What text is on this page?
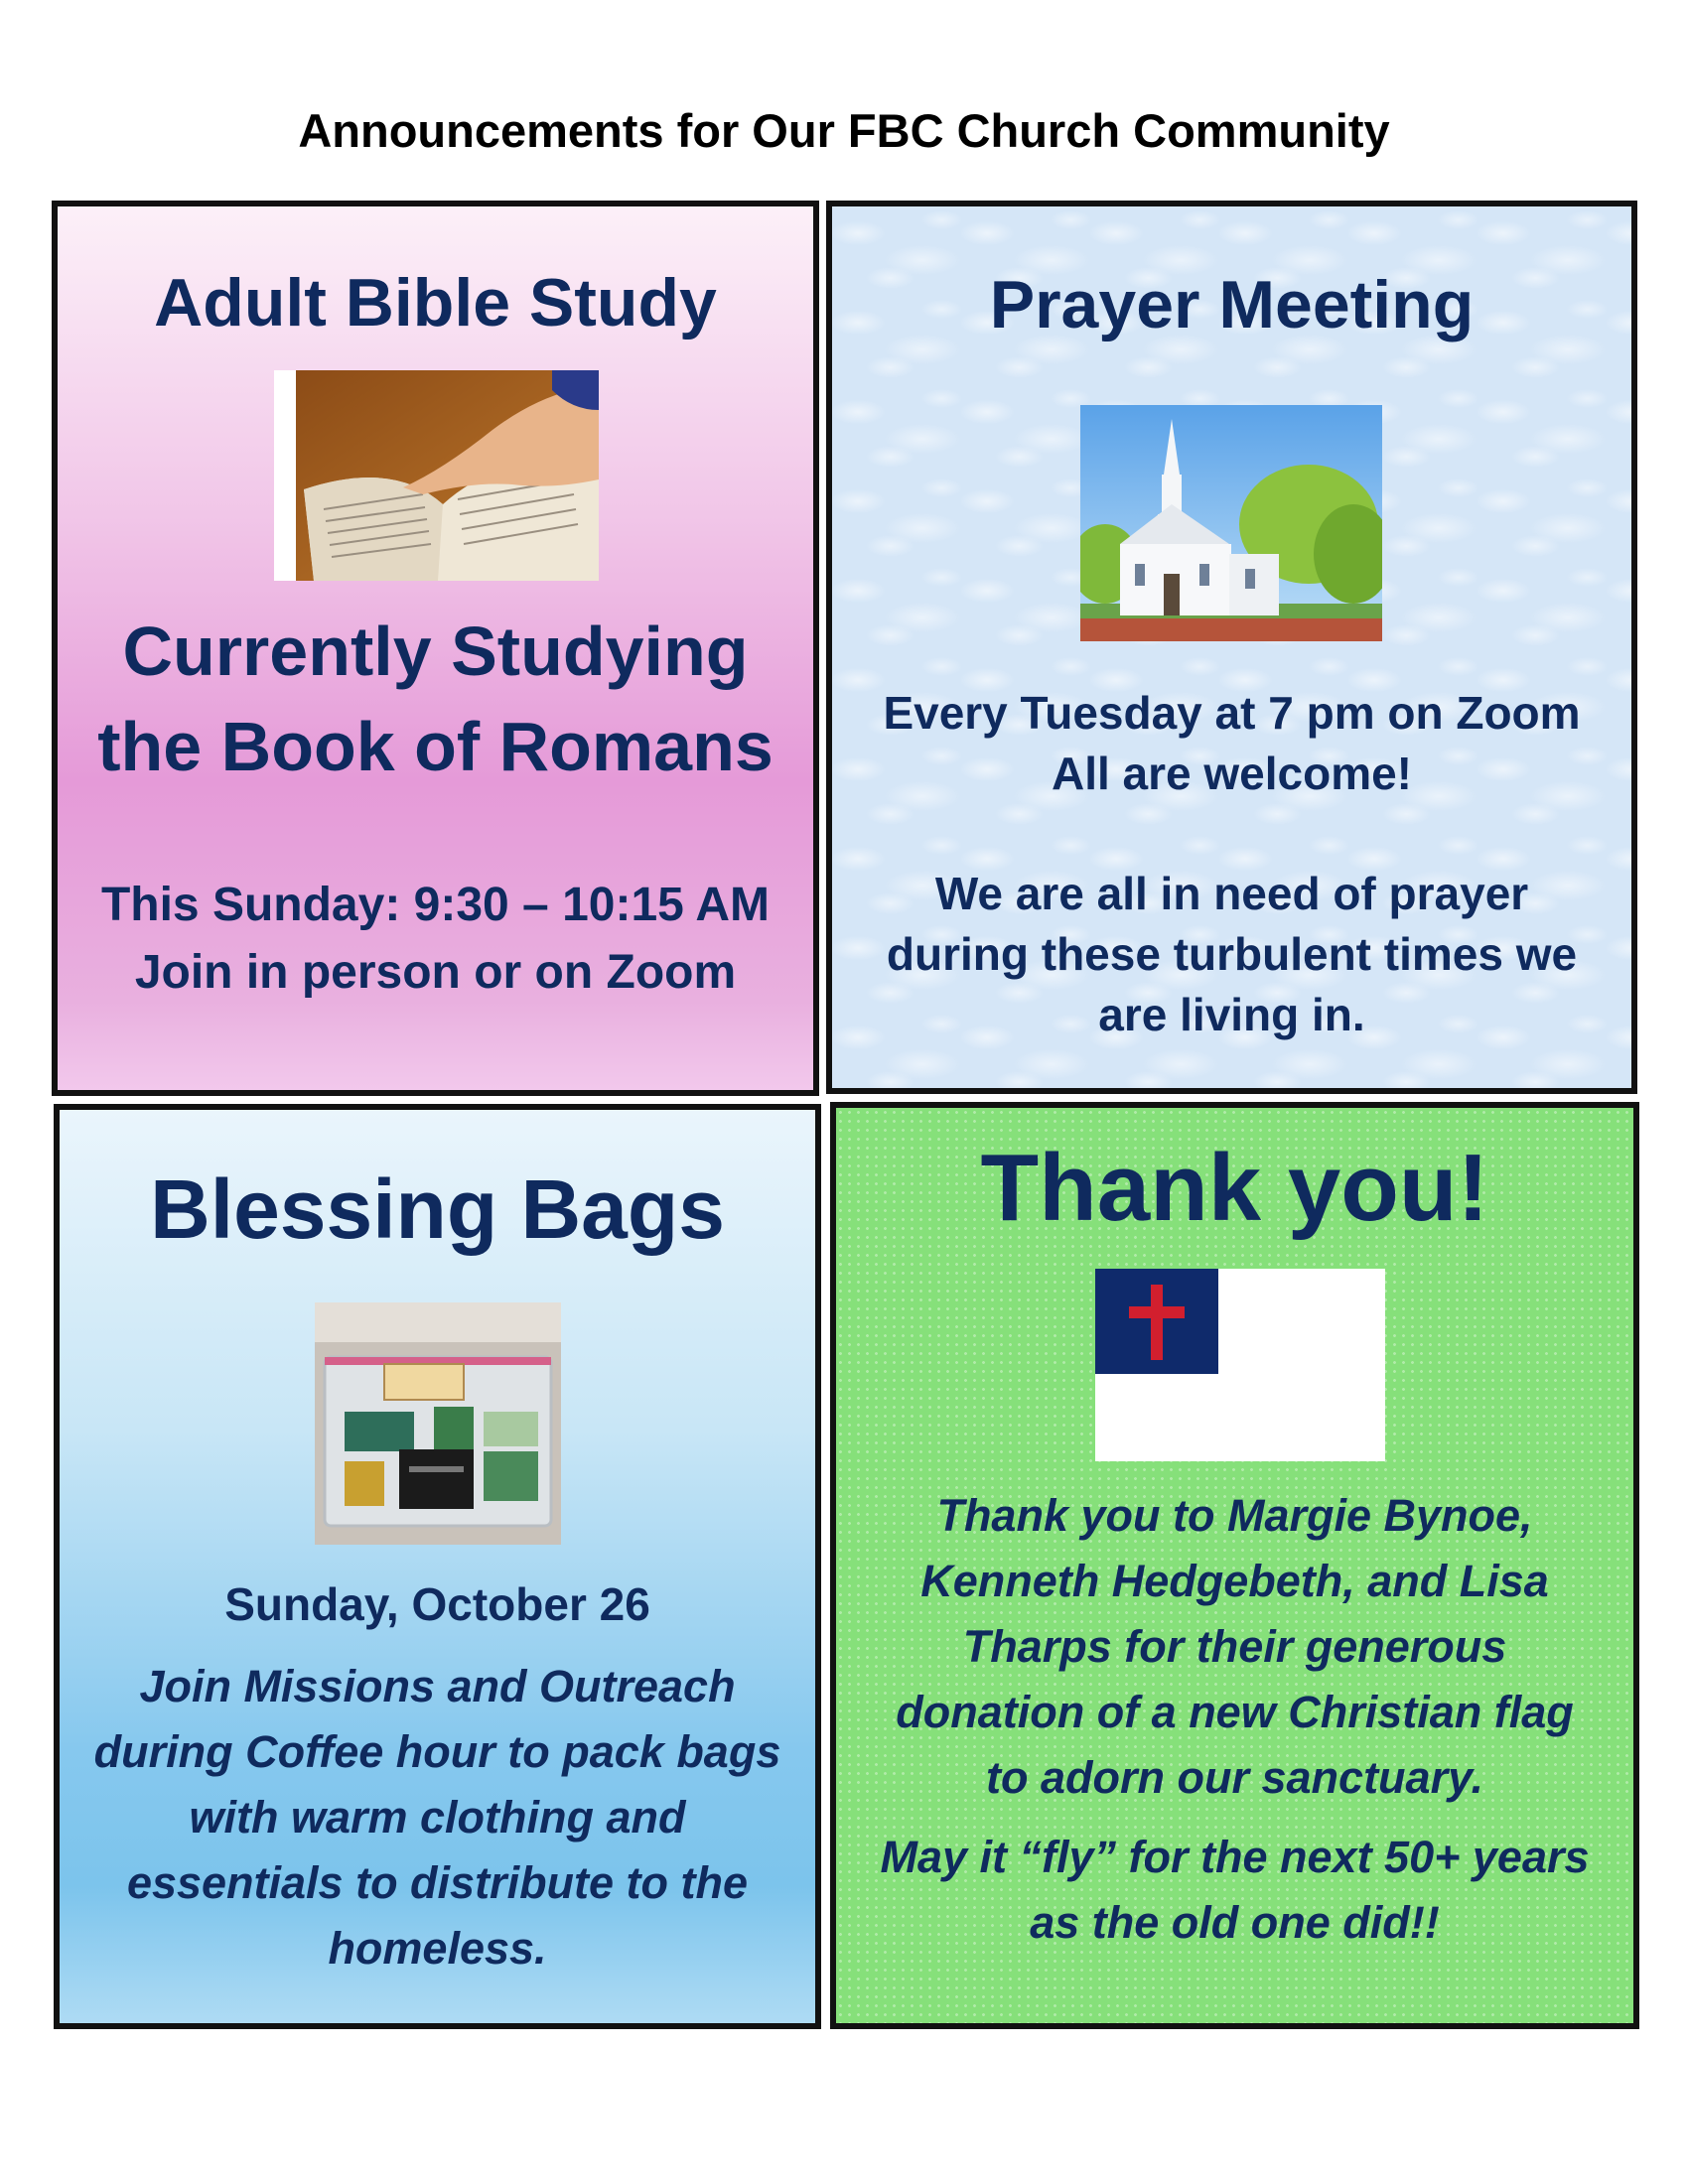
Announcements for Our FBC Church Community
Adult Bible Study
Currently Studying
the Book of Romans
This Sunday: 9:30 – 10:15 AM
Join in person or on Zoom
Prayer Meeting
Every Tuesday at 7 pm on Zoom
All are welcome!
We are all in need of prayer
during these turbulent times we
are living in.
Blessing Bags
Sunday, October 26
Join Missions and Outreach
during Coffee hour to pack bags
with warm clothing and
essentials to distribute to the
homeless.
Thank you!
Thank you to Margie Bynoe,
Kenneth Hedgebeth, and Lisa
Tharps for their generous
donation of a new Christian flag
to adorn our sanctuary.
May it “fly” for the next 50+ years
as the old one did!!
